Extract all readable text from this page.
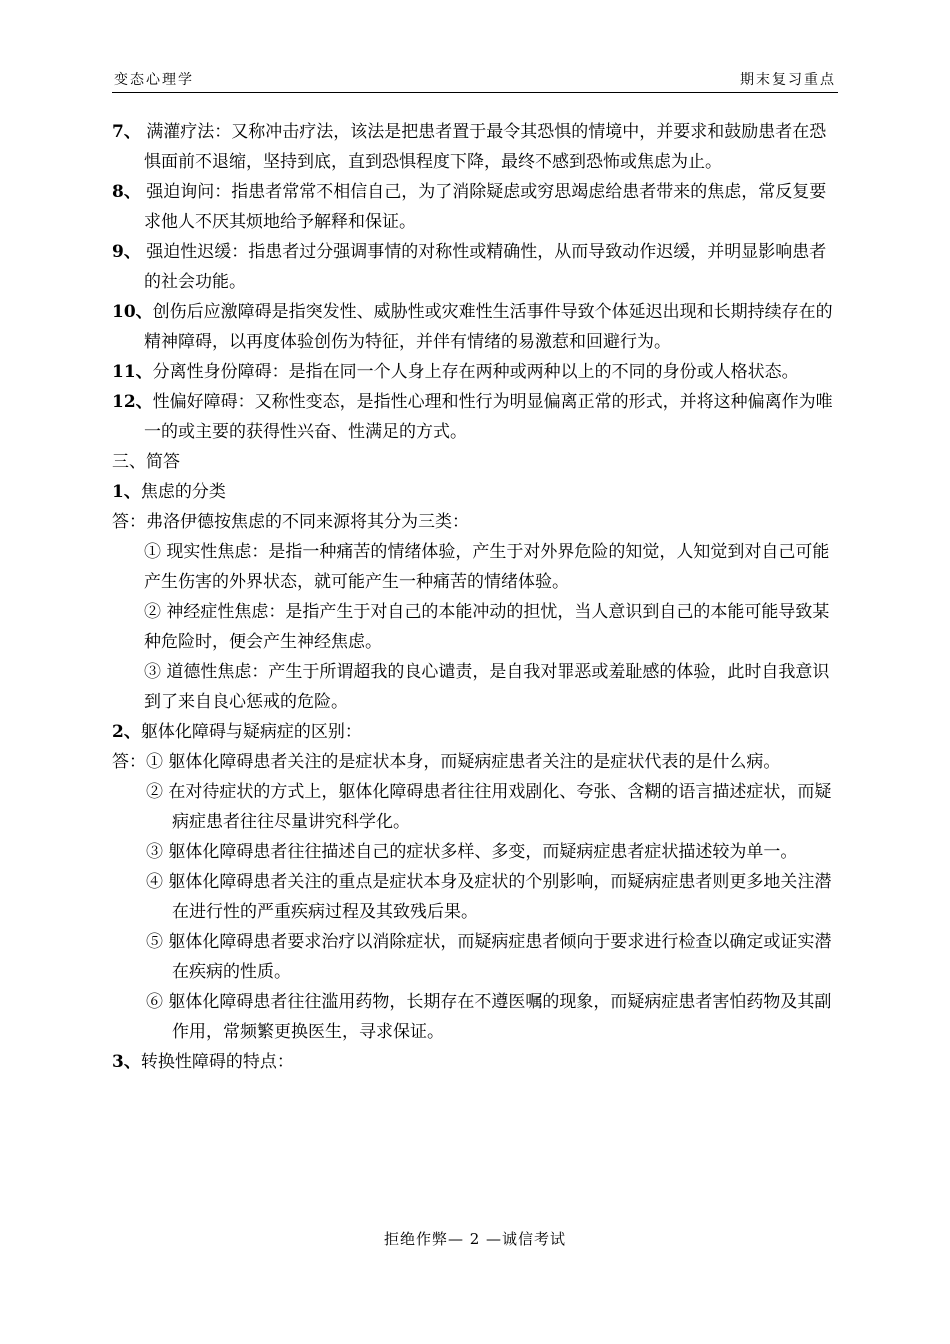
变态心理学	期末复习重点
7、 满灌疗法：又称冲击疗法，该法是把患者置于最令其恐惧的情境中，并要求和鼓励患者在恐惧面前不退缩，坚持到底，直到恐惧程度下降，最终不感到恐怖或焦虑为止。
8、 强迫询问：指患者常常不相信自己，为了消除疑虑或穷思竭虑给患者带来的焦虑，常反复要求他人不厌其烦地给予解释和保证。
9、 强迫性迟缓：指患者过分强调事情的对称性或精确性，从而导致动作迟缓，并明显影响患者的社会功能。
10、创伤后应激障碍是指突发性、威胁性或灾难性生活事件导致个体延迟出现和长期持续存在的精神障碍，以再度体验创伤为特征，并伴有情绪的易激惹和回避行为。
11、分离性身份障碍：是指在同一个人身上存在两种或两种以上的不同的身份或人格状态。
12、性偏好障碍：又称性变态，是指性心理和性行为明显偏离正常的形式，并将这种偏离作为唯一的或主要的获得性兴奋、性满足的方式。
三、简答
1、焦虑的分类
答：弗洛伊德按焦虑的不同来源将其分为三类：
① 现实性焦虑：是指一种痛苦的情绪体验，产生于对外界危险的知觉，人知觉到对自己可能产生伤害的外界状态，就可能产生一种痛苦的情绪体验。
② 神经症性焦虑：是指产生于对自己的本能冲动的担忧，当人意识到自己的本能可能导致某种危险时，便会产生神经焦虑。
③ 道德性焦虑：产生于所谓超我的良心谴责，是自我对罪恶或羞耻感的体验，此时自我意识到了来自良心惩戒的危险。
2、躯体化障碍与疑病症的区别：
答：① 躯体化障碍患者关注的是症状本身，而疑病症患者关注的是症状代表的是什么病。
② 在对待症状的方式上，躯体化障碍患者往往用戏剧化、夸张、含糊的语言描述症状，而疑病症患者往往尽量讲究科学化。
③ 躯体化障碍患者往往描述自己的症状多样、多变，而疑病症患者症状描述较为单一。
④ 躯体化障碍患者关注的重点是症状本身及症状的个别影响，而疑病症患者则更多地关注潜在进行性的严重疾病过程及其致残后果。
⑤ 躯体化障碍患者要求治疗以消除症状，而疑病症患者倾向于要求进行检查以确定或证实潜在疾病的性质。
⑥ 躯体化障碍患者往往滥用药物，长期存在不遵医嘱的现象，而疑病症患者害怕药物及其副作用，常频繁更换医生，寻求保证。
3、转换性障碍的特点：
拒绝作弊— 2 —诚信考试
